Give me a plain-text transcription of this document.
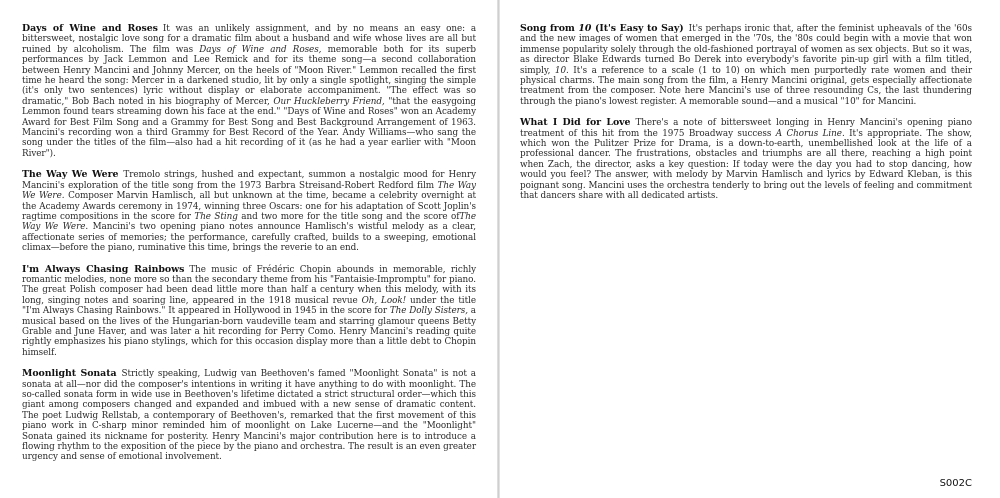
Days of Wine and Roses It was an unlikely assignment, and by no means an easy one: a bittersweet, nostalgic love song for a dramatic film about a husband and wife whose lives are all but ruined by alcoholism. The film was Days of Wine and Roses, memorable both for its superb performances by Jack Lemmon and Lee Remick and for its theme song—a second collaboration between Henry Mancini and Johnny Mercer, on the heels of "Moon River." Lemmon recalled the first time he heard the song: Mercer in a darkened studio, lit by only a single spotlight, singing the simple (it's only two sentences) lyric without display or elaborate accompaniment. "The effect was so dramatic," Bob Bach noted in his biography of Mercer, Our Huckleberry Friend, "that the easygoing Lemmon found tears streaming down his face at the end." "Days of Wine and Roses" won an Academy Award for Best Film Song and a Grammy for Best Song and Best Background Arrangement of 1963. Mancini's recording won a third Grammy for Best Record of the Year. Andy Williams—who sang the song under the titles of the film—also had a hit recording of it (as he had a year earlier with "Moon River").

The Way We Were Tremolo strings, hushed and expectant, summon a nostalgic mood for Henry Mancini's exploration of the title song from the 1973 Barbra Streisand-Robert Redford film The Way We Were. Composer Marvin Hamlisch, all but unknown at the time, became a celebrity overnight at the Academy Awards ceremony in 1974, winning three Oscars: one for his adaptation of Scott Joplin's ragtime compositions in the score for The Sting and two more for the title song and the score ofThe Way We Were. Mancini's two opening piano notes announce Hamlisch's wistful melody as a clear, affectionate series of memories; the performance, carefully crafted, builds to a sweeping, emotional climax—before the piano, ruminative this time, brings the reverie to an end.

I'm Always Chasing Rainbows The music of Frédéric Chopin abounds in memorable, richly romantic melodies, none more so than the secondary theme from his "Fantaisie-Impromptu" for piano. The great Polish composer had been dead little more than half a century when this melody, with its long, singing notes and soaring line, appeared in the 1918 musical revue Oh, Look! under the title "I'm Always Chasing Rainbows." It appeared in Hollywood in 1945 in the score for The Dolly Sisters, a musical based on the lives of the Hungarian-born vaudeville team and starring glamour queens Betty Grable and June Haver, and was later a hit recording for Perry Como. Henry Mancini's reading quite rightly emphasizes his piano stylings, which for this occasion display more than a little debt to Chopin himself.

Moonlight Sonata Strictly speaking, Ludwig van Beethoven's famed "Moonlight Sonata" is not a sonata at all—nor did the composer's intentions in writing it have anything to do with moonlight. The so-called sonata form in wide use in Beethoven's lifetime dictated a strict structural order—which this giant among composers changed and expanded and imbued with a new sense of dramatic content. The poet Ludwig Rellstab, a contemporary of Beethoven's, remarked that the first movement of this piano work in C-sharp minor reminded him of moonlight on Lake Lucerne—and the "Moonlight" Sonata gained its nickname for posterity. Henry Mancini's major contribution here is to introduce a flowing rhythm to the exposition of the piece by the piano and orchestra. The result is an even greater urgency and sense of emotional involvement.

Song from 10 (It's Easy to Say) It's perhaps ironic that, after the feminist upheavals of the '60s and the new images of women that emerged in the '70s, the '80s could begin with a movie that won immense popularity solely through the old-fashioned portrayal of women as sex objects. But so it was, as director Blake Edwards turned Bo Derek into everybody's favorite pin-up girl with a film titled, simply, 10. It's a reference to a scale (1 to 10) on which men purportedly rate women and their physical charms. The main song from the film, a Henry Mancini original, gets especially affectionate treatment from the composer. Note here Mancini's use of three resounding Cs, the last thundering through the piano's lowest register. A memorable sound—and a musical "10" for Mancini.

What I Did for Love There's a note of bittersweet longing in Henry Mancini's opening piano treatment of this hit from the 1975 Broadway success A Chorus Line. It's appropriate. The show, which won the Pulitzer Prize for Drama, is a down-to-earth, unembellished look at the life of a professional dancer. The frustrations, obstacles and triumphs are all there, reaching a high point when Zach, the director, asks a key question: If today were the day you had to stop dancing, how would you feel? The answer, with melody by Marvin Hamlisch and lyrics by Edward Kleban, is this poignant song. Mancini uses the orchestra tenderly to bring out the levels of feeling and commitment that dancers share with all dedicated artists.

S002C
